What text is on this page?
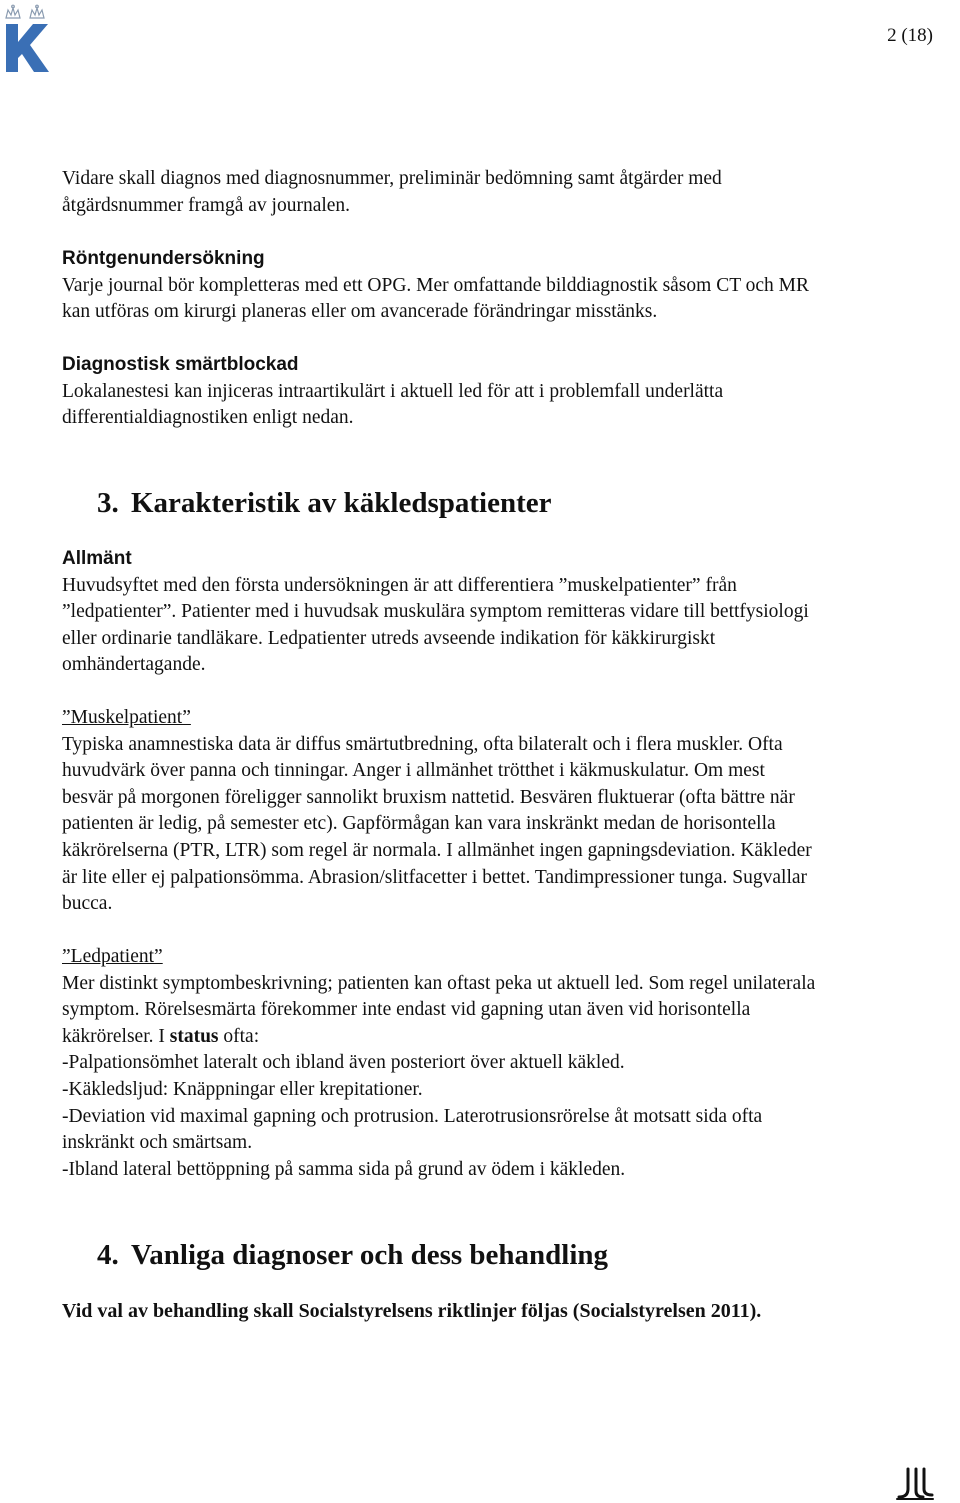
2 (18)

Vidare skall diagnos med diagnosnummer, preliminär bedömning samt åtgärder med
åtgärdsnummer framgå av journalen.

Röntgenundersökning
Varje journal bör kompletteras med ett OPG. Mer omfattande bilddiagnostik såsom CT och MR
kan utföras om kirurgi planeras eller om avancerade förändringar misstänks.
Diagnostisk smärtblockad
Lokalanestesi kan injiceras intraartikulärt i aktuell led för att i problemfall underlätta
differentialdiagnostiken enligt nedan.
3. Karakteristik av käkledspatienter
Allmänt
Huvudsyftet med den första undersökningen är att differentiera ”muskelpatienter” från
”ledpatienter”. Patienter med i huvudsak muskulära symptom remitteras vidare till bettfysiologi
eller ordinarie tandläkare. Ledpatienter utreds avseende indikation för käkkirurgiskt
omhändertagande.
”Muskelpatient”
Typiska anamnestiska data är diffus smärtutbredning, ofta bilateralt och i flera muskler. Ofta
huvudvärk över panna och tinningar. Anger i allmänhet trötthet i käkmuskulatur. Om mest
besvär på morgonen föreligger sannolikt bruxism nattetid. Besvären fluktuerar (ofta bättre när
patienten är ledig, på semester etc). Gapförmågan kan vara inskränkt medan de horisontella
käkrörelserna (PTR, LTR) som regel är normala. I allmänhet ingen gapningsdeviation. Käkleder
är lite eller ej palpationsömma. Abrasion/slitfacetter i bettet. Tandimpressioner tunga. Sugvallar
bucca.
”Ledpatient”
Mer distinkt symptombeskrivning; patienten kan oftast peka ut aktuell led. Som regel unilaterala
symptom. Rörelsesmärta förekommer inte endast vid gapning utan även vid horisontella
käkrörelser. I status ofta:
-Palpationsömhet lateralt och ibland även posteriort över aktuell käkled.
-Käkledsljud: Knäppningar eller krepitationer.
-Deviation vid maximal gapning och protrusion. Laterotrusionsrörelse åt motsatt sida ofta
inskränkt och smärtsam.
-Ibland lateral bettöppning på samma sida på grund av ödem i käkleden.
4. Vanliga diagnoser och dess behandling

Vid val av behandling skall Socialstyrelsens riktlinjer följas (Socialstyrelsen 2011).
